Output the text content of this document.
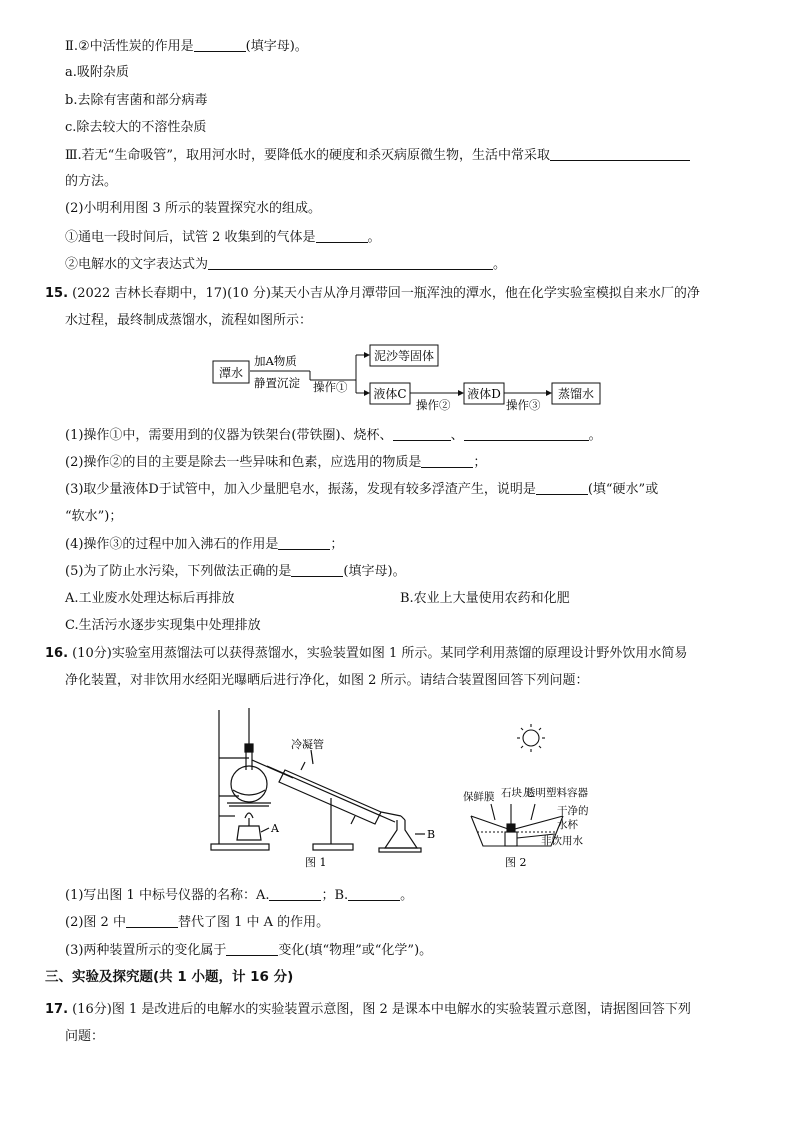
Ⅱ.②中活性炭的作用是	(填字母)。
a.吸附杂质
b.去除有害菌和部分病毒
c.除去较大的不溶性杂质
Ⅲ.若无“生命吸管”，取用河水时，要降低水的硬度和杀灭病原微生物，生活中常采取
的方法。
(2)小明利用图 3 所示的装置探究水的组成。
①通电一段时间后，试管 2 收集到的气体是	。
②电解水的文字表达式为	。
15. (2022 吉林长春期中，17)(10 分)某天小吉从净月潭带回一瓶浑浊的潭水，他在化学实验室模拟自来水厂的净
水过程，最终制成蒸馏水，流程如图所示：
潭水
加A物质
静置沉淀 操作①
泥沙等固体
液体C
操作②
液体D
操作③
蒸馏水
(1)操作①中，需要用到的仪器为铁架台(带铁圈)、烧杯、	、	。
(2)操作②的目的主要是除去一些异味和色素，应选用的物质是	；
(3)取少量液体D于试管中，加入少量肥皂水，振荡，发现有较多浮渣产生，说明是	(填“硬水”或
“软水”)；
(4)操作③的过程中加入沸石的作用是	；
(5)为了防止水污染，下列做法正确的是	(填字母)。
A.工业废水处理达标后再排放	B.农业上大量使用农药和化肥
C.生活污水逐步实现集中处理排放
16. (10分)实验室用蒸馏法可以获得蒸馏水，实验装置如图 1 所示。某同学利用蒸馏的原理设计野外饮用水简易
净化装置，对非饮用水经阳光曝晒后进行净化，如图 2 所示。请结合装置图回答下列问题：
A
冷凝管
B
图 1
保鲜膜 石块儿
透明塑料容器
干净的
水杯
非饮用水
图 2
(1)写出图 1 中标号仪器的名称：A.	；B.	。
(2)图 2 中	替代了图 1 中 A 的作用。
(3)两种装置所示的变化属于	变化(填“物理”或“化学”)。
三、实验及探究题(共 1 小题，计 16 分)
17. (16分)图 1 是改进后的电解水的实验装置示意图，图 2 是课本中电解水的实验装置示意图，请据图回答下列
问题：
